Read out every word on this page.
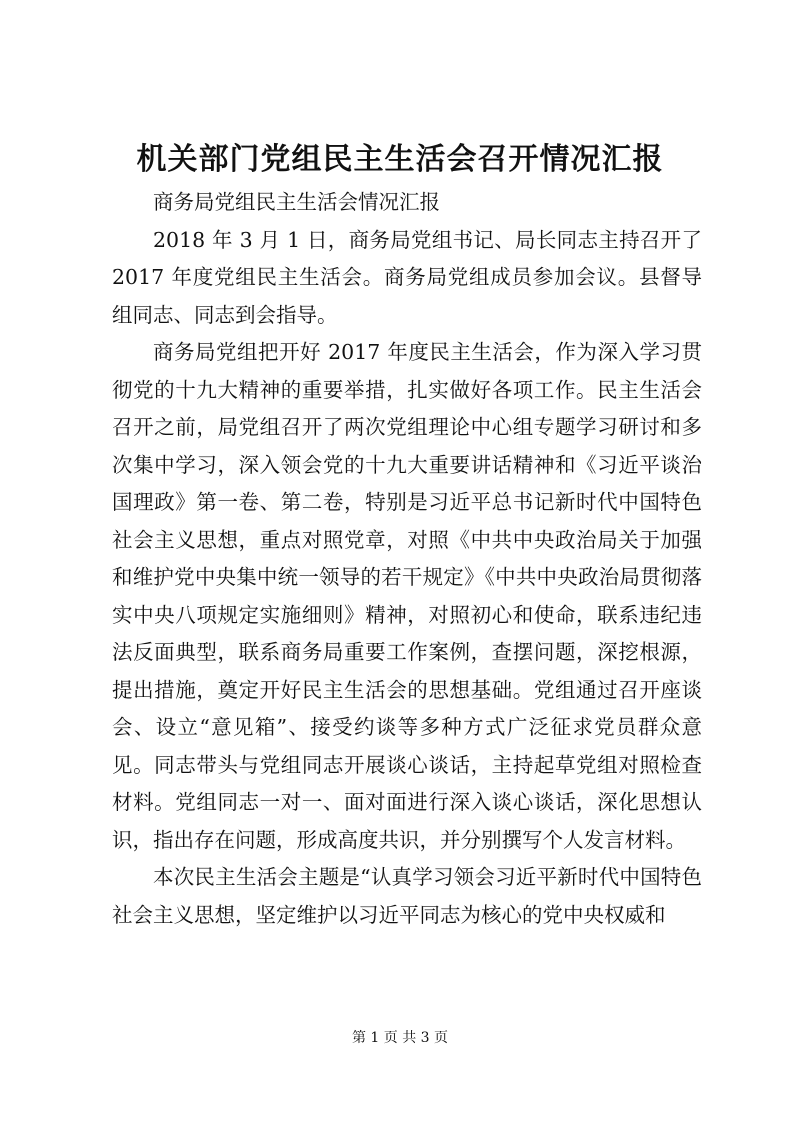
机关部门党组民主生活会召开情况汇报

商务局党组民主生活会情况汇报

2018 年 3 月 1 日，商务局党组书记、局长同志主持召开了 2017 年度党组民主生活会。商务局党组成员参加会议。县督导组同志、同志到会指导。

商务局党组把开好 2017 年度民主生活会，作为深入学习贯彻党的十九大精神的重要举措，扎实做好各项工作。民主生活会召开之前，局党组召开了两次党组理论中心组专题学习研讨和多次集中学习，深入领会党的十九大重要讲话精神和《习近平谈治国理政》第一卷、第二卷，特别是习近平总书记新时代中国特色社会主义思想，重点对照党章，对照《中共中央政治局关于加强和维护党中央集中统一领导的若干规定》《中共中央政治局贯彻落实中央八项规定实施细则》精神，对照初心和使命，联系违纪违法反面典型，联系商务局重要工作案例，查摆问题，深挖根源，提出措施，奠定开好民主生活会的思想基础。党组通过召开座谈会、设立“意见箱”、接受约谈等多种方式广泛征求党员群众意见。同志带头与党组同志开展谈心谈话，主持起草党组对照检查材料。党组同志一对一、面对面进行深入谈心谈话，深化思想认识，指出存在问题，形成高度共识，并分别撰写个人发言材料。

本次民主生活会主题是“认真学习领会习近平新时代中国特色社会主义思想，坚定维护以习近平同志为核心的党中央权威和

第 1 页 共 3 页
